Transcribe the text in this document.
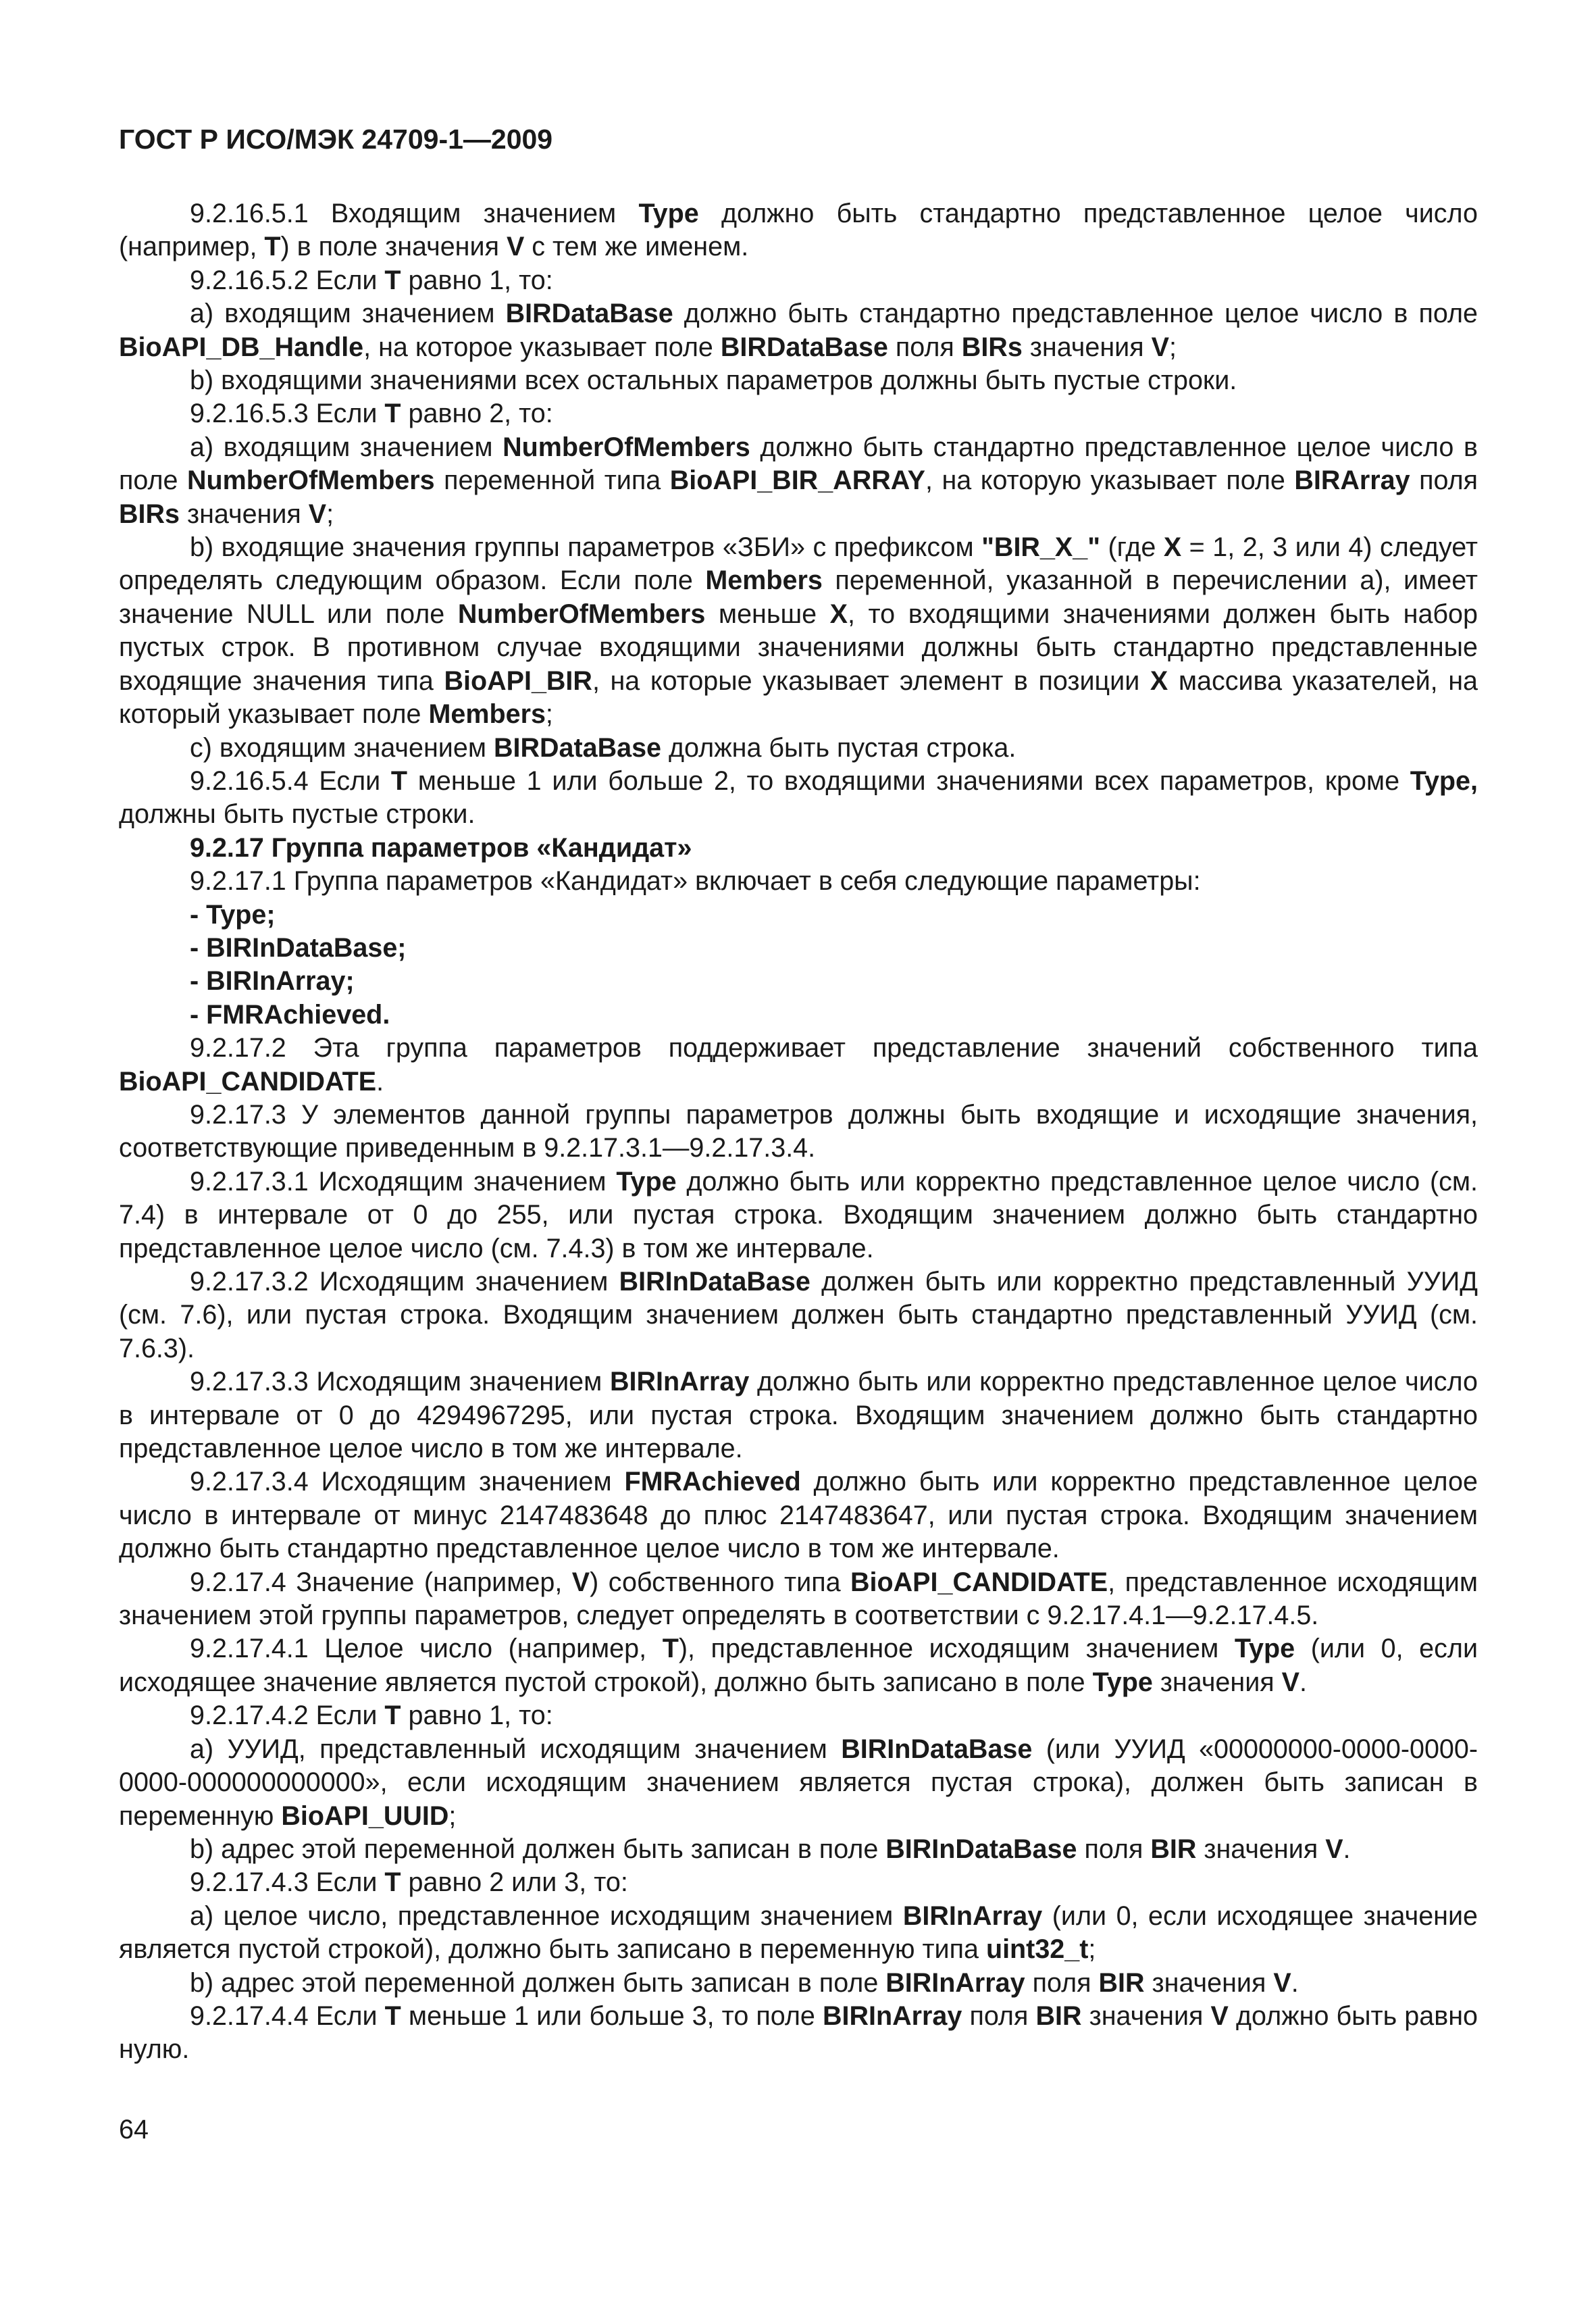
ГОСТ Р ИСО/МЭК 24709-1—2009

9.2.16.5.1 Входящим значением Type должно быть стандартно представленное целое число (например, Т) в поле значения V с тем же именем.

9.2.16.5.2 Если Т равно 1, то:

а) входящим значением BIRDataBase должно быть стандартно представленное целое число в поле BioAPI_DB_Handle, на которое указывает поле BIRDataBase поля BIRs значения V;

b) входящими значениями всех остальных параметров должны быть пустые строки.

9.2.16.5.3 Если Т равно 2, то:

а) входящим значением NumberOfMembers должно быть стандартно представленное целое число в поле NumberOfMembers переменной типа BioAPI_BIR_ARRAY, на которую указывает поле BIRArray поля BIRs значения V;

b) входящие значения группы параметров «ЗБИ» с префиксом "BIR_X_" (где X = 1, 2, 3 или 4) следует определять следующим образом. Если поле Members переменной, указанной в перечислении а), имеет значение NULL или поле NumberOfMembers меньше X, то входящими значениями должен быть набор пустых строк. В противном случае входящими значениями должны быть стандартно представленные входящие значения типа BioAPI_BIR, на которые указывает элемент в позиции X массива указателей, на который указывает поле Members;

с) входящим значением BIRDataBase должна быть пустая строка.

9.2.16.5.4 Если Т меньше 1 или больше 2, то входящими значениями всех параметров, кроме Type, должны быть пустые строки.

9.2.17 Группа параметров «Кандидат»

9.2.17.1 Группа параметров «Кандидат» включает в себя следующие параметры:

- Type;

- BIRInDataBase;

- BIRInArray;

- FMRAchieved.

9.2.17.2 Эта группа параметров поддерживает представление значений собственного типа BioAPI_CANDIDATE.

9.2.17.3 У элементов данной группы параметров должны быть входящие и исходящие значения, соответствующие приведенным в 9.2.17.3.1—9.2.17.3.4.

9.2.17.3.1 Исходящим значением Type должно быть или корректно представленное целое число (см. 7.4) в интервале от 0 до 255, или пустая строка. Входящим значением должно быть стандартно представленное целое число (см. 7.4.3) в том же интервале.

9.2.17.3.2 Исходящим значением BIRInDataBase должен быть или корректно представленный УУИД (см. 7.6), или пустая строка. Входящим значением должен быть стандартно представленный УУИД (см. 7.6.3).

9.2.17.3.3 Исходящим значением BIRInArray должно быть или корректно представленное целое число в интервале от 0 до 4294967295, или пустая строка. Входящим значением должно быть стандартно представленное целое число в том же интервале.

9.2.17.3.4 Исходящим значением FMRAchieved должно быть или корректно представленное целое число в интервале от минус 2147483648 до плюс 2147483647, или пустая строка. Входящим значением должно быть стандартно представленное целое число в том же интервале.

9.2.17.4 Значение (например, V) собственного типа BioAPI_CANDIDATE, представленное исходящим значением этой группы параметров, следует определять в соответствии с 9.2.17.4.1—9.2.17.4.5.

9.2.17.4.1 Целое число (например, Т), представленное исходящим значением Type (или 0, если исходящее значение является пустой строкой), должно быть записано в поле Type значения V.

9.2.17.4.2 Если Т равно 1, то:

а) УУИД, представленный исходящим значением BIRInDataBase (или УУИД «00000000-0000-0000-0000-000000000000», если исходящим значением является пустая строка), должен быть записан в переменную BioAPI_UUID;

b) адрес этой переменной должен быть записан в поле BIRInDataBase поля BIR значения V.

9.2.17.4.3 Если Т равно 2 или 3, то:

а) целое число, представленное исходящим значением BIRInArray (или 0, если исходящее значение является пустой строкой), должно быть записано в переменную типа uint32_t;

b) адрес этой переменной должен быть записан в поле BIRInArray поля BIR значения V.

9.2.17.4.4 Если Т меньше 1 или больше 3, то поле BIRInArray поля BIR значения V должно быть равно нулю.

64
